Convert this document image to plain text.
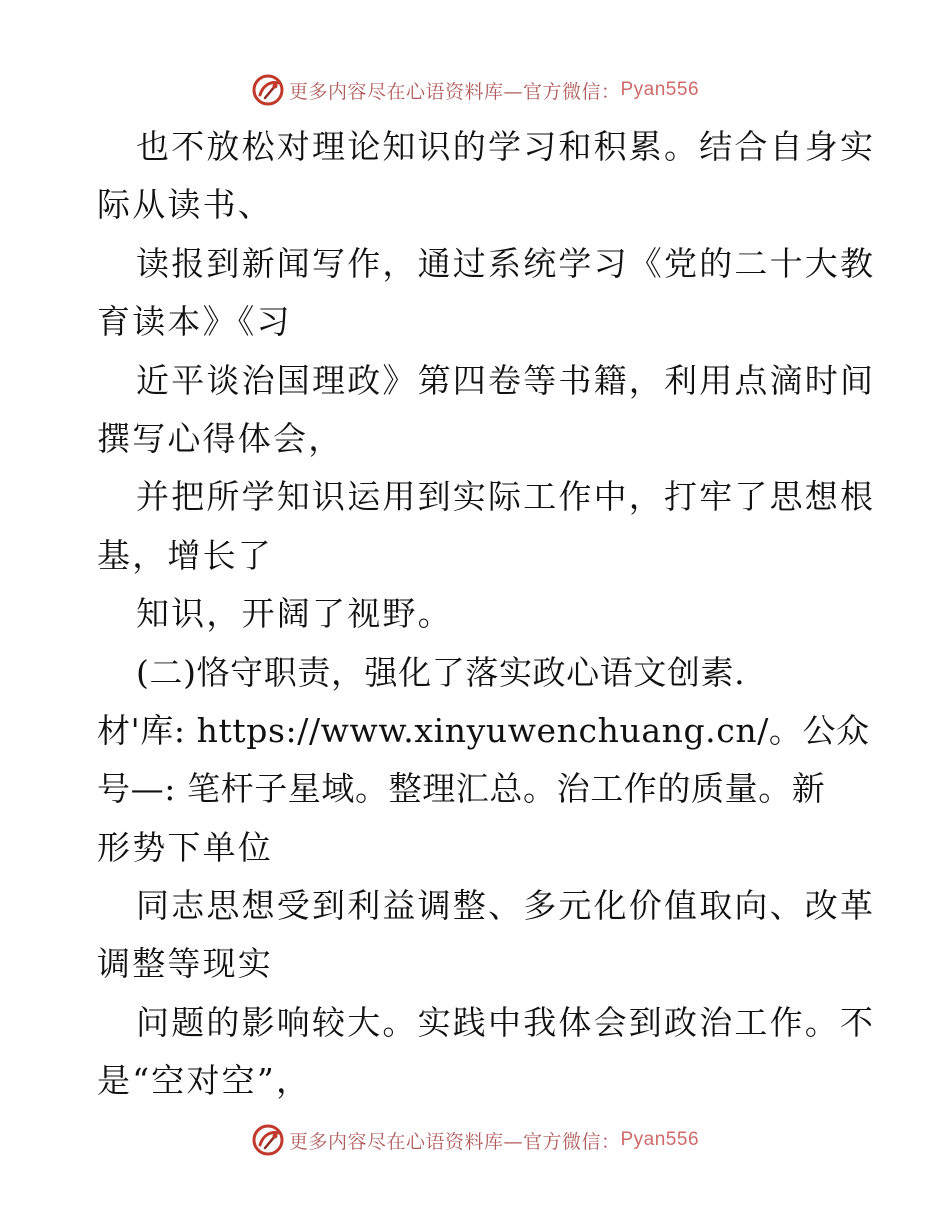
更多内容尽在心语资料库—官方微信： Pyan556
也不放松对理论知识的学习和积累。结合自身实
际从读书、
读报到新闻写作，通过系统学习《党的二十大教
育读本》《习
近平谈治国理政》第四卷等书籍，利用点滴时间
撰写心得体会，
并把所学知识运用到实际工作中，打牢了思想根
基，增长了
知识，开阔了视野。
(二)恪守职责，强化了落实政心语文创素.
材'库: https://www.xinyuwenchuang.cn/。公众
号—: 笔杆子星域。整理汇总。治工作的质量。新
形势下单位
同志思想受到利益调整、多元化价值取向、改革
调整等现实
问题的影响较大。实践中我体会到政治工作。不
是“空对空”，
更多内容尽在心语资料库—官方微信： Pyan556
